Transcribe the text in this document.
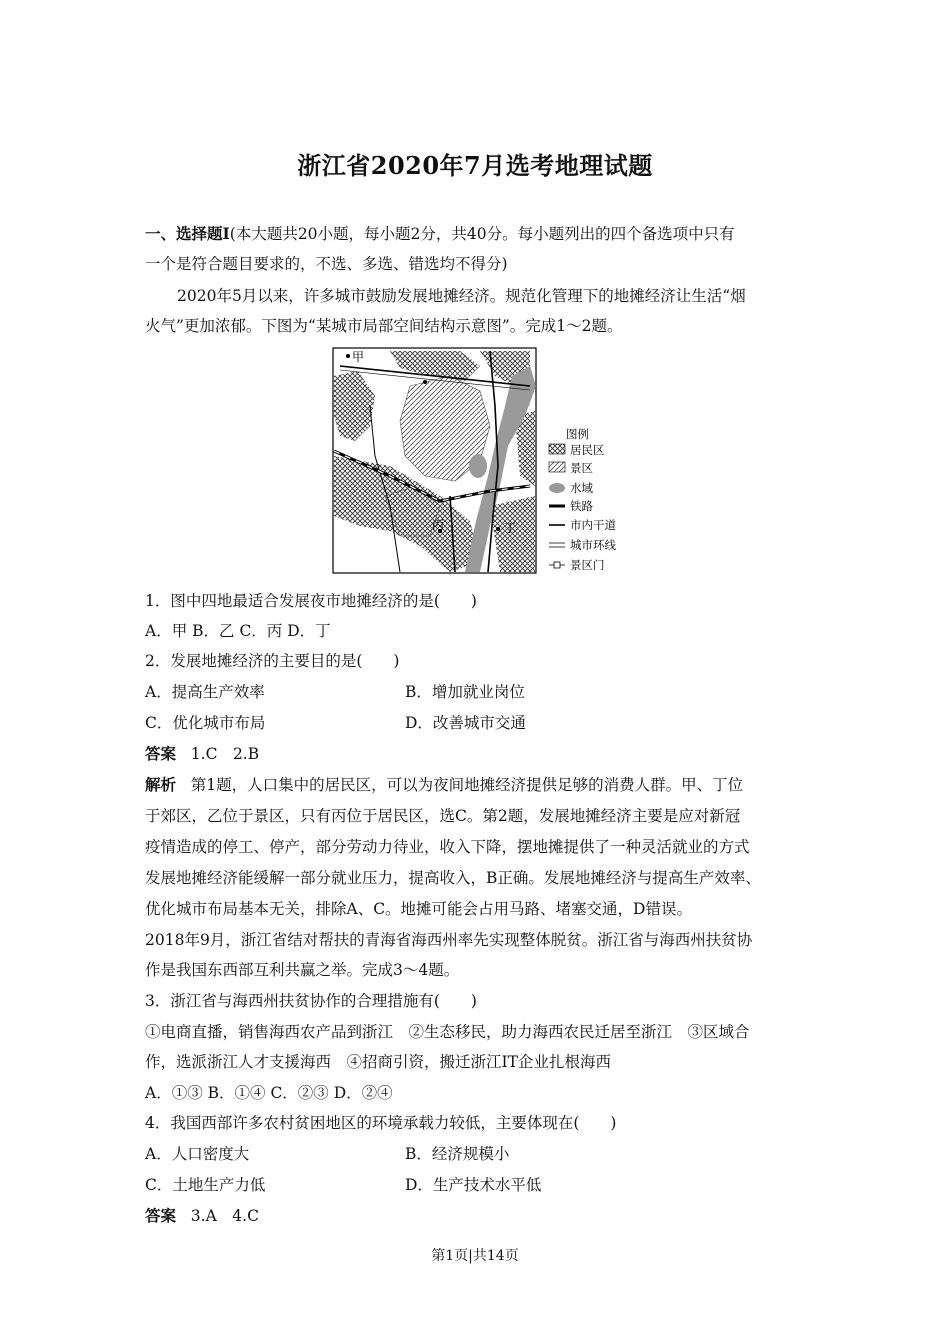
浙江省2020年7月选考地理试题
一、选择题Ⅰ(本大题共20小题，每小题2分，共40分。每小题列出的四个备选项中只有
一个是符合题目要求的，不选、多选、错选均不得分)
2020年5月以来，许多城市鼓励发展地摊经济。规范化管理下的地摊经济让生活“烟
火气”更加浓郁。下图为“某城市局部空间结构示意图”。完成1～2题。
甲
丙	丁
图例
居民区
景区
水域
铁路
市内干道
城市环线
景区门
1．图中四地最适合发展夜市地摊经济的是(　　)
A．甲 B．乙 C．丙 D．丁
2．发展地摊经济的主要目的是(　　)
A．提高生产效率	B．增加就业岗位
C．优化城市布局	D．改善城市交通
答案 1.C　2.B
解析 第1题，人口集中的居民区，可以为夜间地摊经济提供足够的消费人群。甲、丁位
于郊区，乙位于景区，只有丙位于居民区，选C。第2题，发展地摊经济主要是应对新冠
疫情造成的停工、停产，部分劳动力待业，收入下降，摆地摊提供了一种灵活就业的方式
发展地摊经济能缓解一部分就业压力，提高收入，B正确。发展地摊经济与提高生产效率、
优化城市布局基本无关，排除A、C。地摊可能会占用马路、堵塞交通，D错误。
2018年9月，浙江省结对帮扶的青海省海西州率先实现整体脱贫。浙江省与海西州扶贫协
作是我国东西部互利共赢之举。完成3～4题。
3．浙江省与海西州扶贫协作的合理措施有(　　)
①电商直播，销售海西农产品到浙江　②生态移民，助力海西农民迁居至浙江　③区域合
作，选派浙江人才支援海西　④招商引资，搬迁浙江IT企业扎根海西
A．①③ B．①④ C．②③ D．②④
4．我国西部许多农村贫困地区的环境承载力较低，主要体现在(　　)
A．人口密度大	B．经济规模小
C．土地生产力低	D．生产技术水平低
答案 3.A　4.C
第1页|共14页
